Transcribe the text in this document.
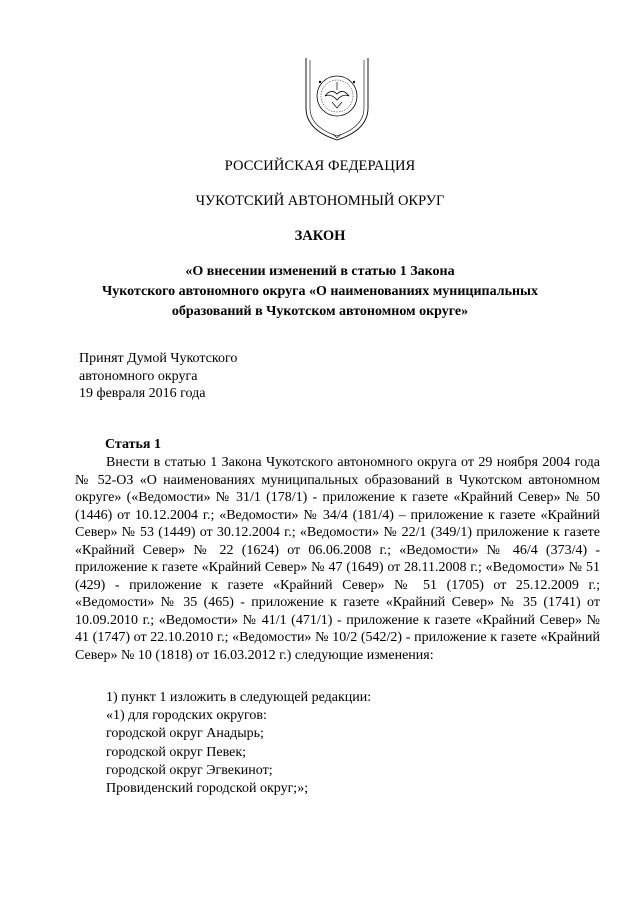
РОССИЙСКАЯ ФЕДЕРАЦИЯ
ЧУКОТСКИЙ АВТОНОМНЫЙ ОКРУГ
ЗАКОН
«О внесении изменений в статью 1 Закона
Чукотского автономного округа «О наименованиях муниципальных
образований в Чукотском автономном округе»
Принят Думой Чукотского
автономного округа
19 февраля 2016 года
Статья 1
Внести в статью 1 Закона Чукотского автономного округа от 29 ноября 2004 года № 52-ОЗ «О наименованиях муниципальных образований в Чукотском автономном округе» («Ведомости» № 31/1 (178/1) - приложение к газете «Крайний Север» № 50 (1446) от 10.12.2004 г.; «Ведомости» № 34/4 (181/4) – приложение к газете «Крайний Север» № 53 (1449) от 30.12.2004 г.; «Ведомости» № 22/1 (349/1) приложение к газете «Крайний Север» № 22 (1624) от 06.06.2008 г.; «Ведомости» № 46/4 (373/4) - приложение к газете «Крайний Север» № 47 (1649) от 28.11.2008 г.; «Ведомости» № 51 (429) - приложение к газете «Крайний Север» № 51 (1705) от 25.12.2009 г.; «Ведомости» № 35 (465) - приложение к газете «Крайний Север» № 35 (1741) от 10.09.2010 г.; «Ведомости» № 41/1 (471/1) - приложение к газете «Крайний Север» № 41 (1747) от 22.10.2010 г.; «Ведомости» № 10/2 (542/2) - приложение к газете «Крайний Север» № 10 (1818) от 16.03.2012 г.) следующие изменения:
1) пункт 1 изложить в следующей редакции:
«1) для городских округов:
городской округ Анадырь;
городской округ Певек;
городской округ Эгвекинот;
Провиденский городской округ;»;
